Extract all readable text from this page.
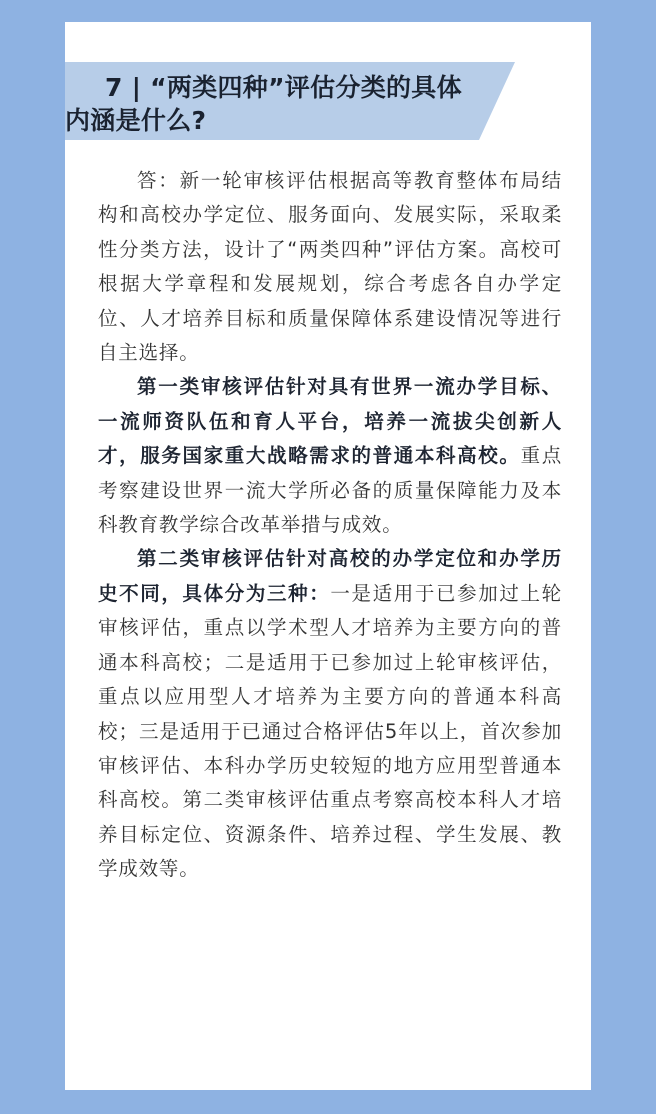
7 | “两类四种”评估分类的具体内涵是什么?

答：新一轮审核评估根据高等教育整体布局结构和高校办学定位、服务面向、发展实际，采取柔性分类方法，设计了“两类四种”评估方案。高校可根据大学章程和发展规划，综合考虑各自办学定位、人才培养目标和质量保障体系建设情况等进行自主选择。

第一类审核评估针对具有世界一流办学目标、一流师资队伍和育人平台，培养一流拔尖创新人才，服务国家重大战略需求的普通本科高校。重点考察建设世界一流大学所必备的质量保障能力及本科教育教学综合改革举措与成效。

第二类审核评估针对高校的办学定位和办学历史不同，具体分为三种：一是适用于已参加过上轮审核评估，重点以学术型人才培养为主要方向的普通本科高校；二是适用于已参加过上轮审核评估，重点以应用型人才培养为主要方向的普通本科高校；三是适用于已通过合格评估5年以上，首次参加审核评估、本科办学历史较短的地方应用型普通本科高校。第二类审核评估重点考察高校本科人才培养目标定位、资源条件、培养过程、学生发展、教学成效等。
